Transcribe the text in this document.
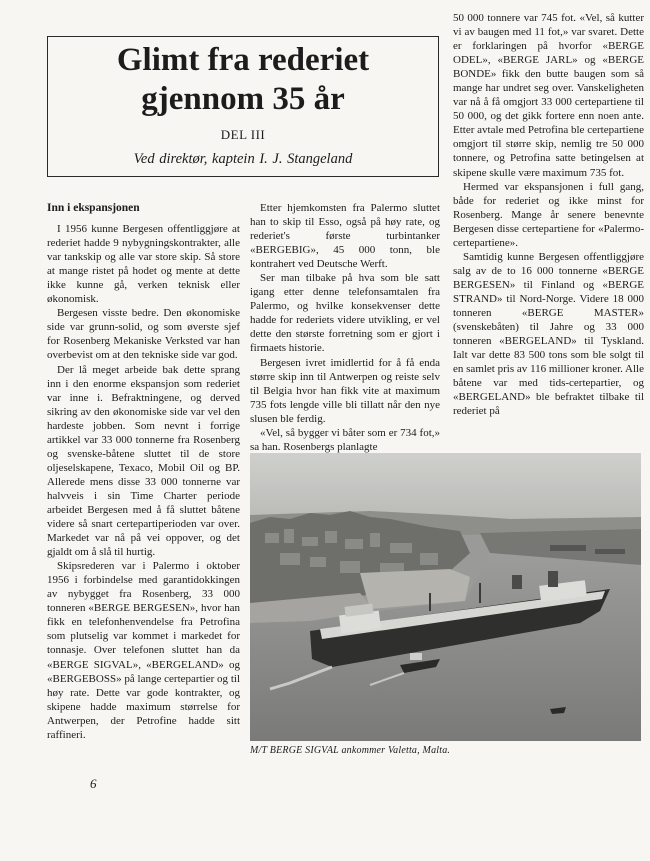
Glimt fra rederiet
gjennom 35 år
DEL III
Ved direktør, kaptein I. J. Stangeland
Inn i ekspansjonen

I 1956 kunne Bergesen offentliggjøre at rederiet hadde 9 nybygningskontrakter, alle var tankskip og alle var store skip. Så store at mange ristet på hodet og mente at dette ikke kunne gå, verken teknisk eller økonomisk.

Bergesen visste bedre. Den økonomiske side var grunn-solid, og som øverste sjef for Rosenberg Mekaniske Verksted var han overbevist om at den tekniske side var god.

Der lå meget arbeide bak dette sprang inn i den enorme ekspansjon som rederiet var inne i. Befraktningene, og derved sikring av den økonomiske side var vel den hardeste jobben. Som nevnt i forrige artikkel var 33 000 tonnerne fra Rosenberg og svenske-båtene sluttet til de store oljeselskapene, Texaco, Mobil Oil og BP. Allerede mens disse 33 000 tonnerne var halvveis i sin Time Charter periode arbeidet Bergesen med å få sluttet båtene videre så snart certepartiperioden var over. Markedet var nå på vei oppover, og det gjaldt om å slå til hurtig.

Skipsrederen var i Palermo i oktober 1956 i forbindelse med garantidokkingen av nybygget fra Rosenberg, 33 000 tonneren «BERGE BERGESEN», hvor han fikk en telefonhenvendelse fra Petrofina som plutselig var kommet i markedet for tonnasje. Over telefonen sluttet han da «BERGE SIGVAL», «BERGELAND» og «BERGEBOSS» på lange certepartier og til høy rate. Dette var gode kontrakter, og skipene hadde maximum størrelse for Antwerpen, der Petrofine hadde sitt raffineri.

Etter hjemkomsten fra Palermo sluttet han to skip til Esso, også på høy rate, og rederiet's første turbintanker «BERGEBIG», 45 000 tonn, ble kontrahert ved Deutsche Werft.

Ser man tilbake på hva som ble satt igang etter denne telefonsamtalen fra Palermo, og hvilke konsekvenser dette hadde for rederiets videre utvikling, er vel dette den største forretning som er gjort i firmaets historie.

Bergesen ivret imidlertid for å få enda større skip inn til Antwerpen og reiste selv til Belgia hvor han fikk vite at maximum 735 fots lengde ville bli tillatt når den nye slusen ble ferdig.

«Vel, så bygger vi båter som er 734 fot,» sa han. Rosenbergs planlagte

50 000 tonnere var 745 fot. «Vel, så kutter vi av baugen med 11 fot,» var svaret. Dette er forklaringen på hvorfor «BERGE ODEL», «BERGE JARL» og «BERGE BONDE» fikk den butte baugen som så mange har undret seg over. Vanskeligheten var nå å få omgjort 33 000 certepartiene til 50 000, og det gikk fortere enn noen ante. Etter avtale med Petrofina ble certepartiene omgjort til større skip, nemlig tre 50 000 tonnere, og Petrofina satte betingelsen at skipene skulle være maximum 735 fot.

Hermed var ekspansjonen i full gang, både for rederiet og ikke minst for Rosenberg. Mange år senere benevnte Bergesen disse certepartiene for «Palermo-certepartiene».

Samtidig kunne Bergesen offentliggjøre salg av de to 16 000 tonnerne «BERGE BERGESEN» til Finland og «BERGE STRAND» til Nord-Norge. Videre 18 000 tonneren «BERGE MASTER» (svenskebåten) til Jahre og 33 000 tonneren «BERGELAND» til Tyskland. Ialt var dette 83 500 tons som ble solgt til en samlet pris av 116 millioner kroner. Alle båtene var med tids-certepartier, og «BERGELAND» ble befraktet tilbake til rederiet på

M/T BERGE SIGVAL ankommer Valetta, Malta.
6
